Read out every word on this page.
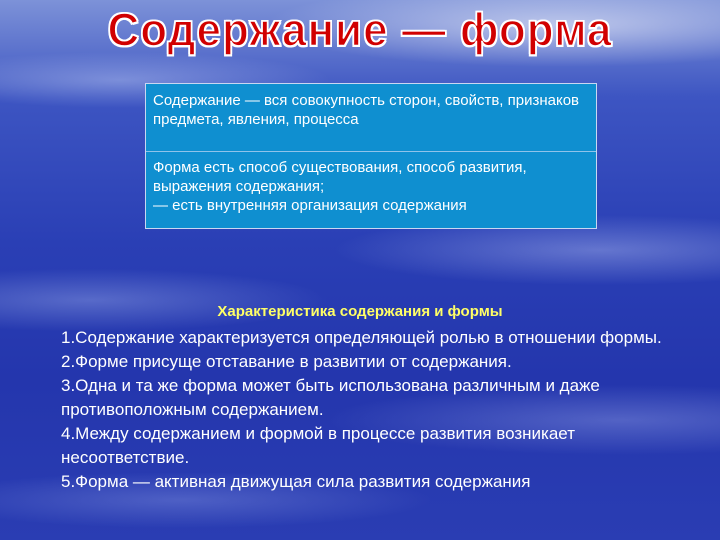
Содержание — форма
Содержание — вся совокупность сторон, свойств, признаков предмета, явления, процесса
Форма есть способ существования, способ развития, выражения содержания;
— есть внутренняя организация содержания
Характеристика содержания и формы
1.Содержание характеризуется определяющей ролью в отношении формы.
2.Форме присуще отставание в развитии от содержания.
3.Одна и та же форма может быть использована различным и даже противоположным содержанием.
4.Между содержанием и формой в процессе развития возникает несоответствие.
5.Форма — активная движущая сила развития содержания
